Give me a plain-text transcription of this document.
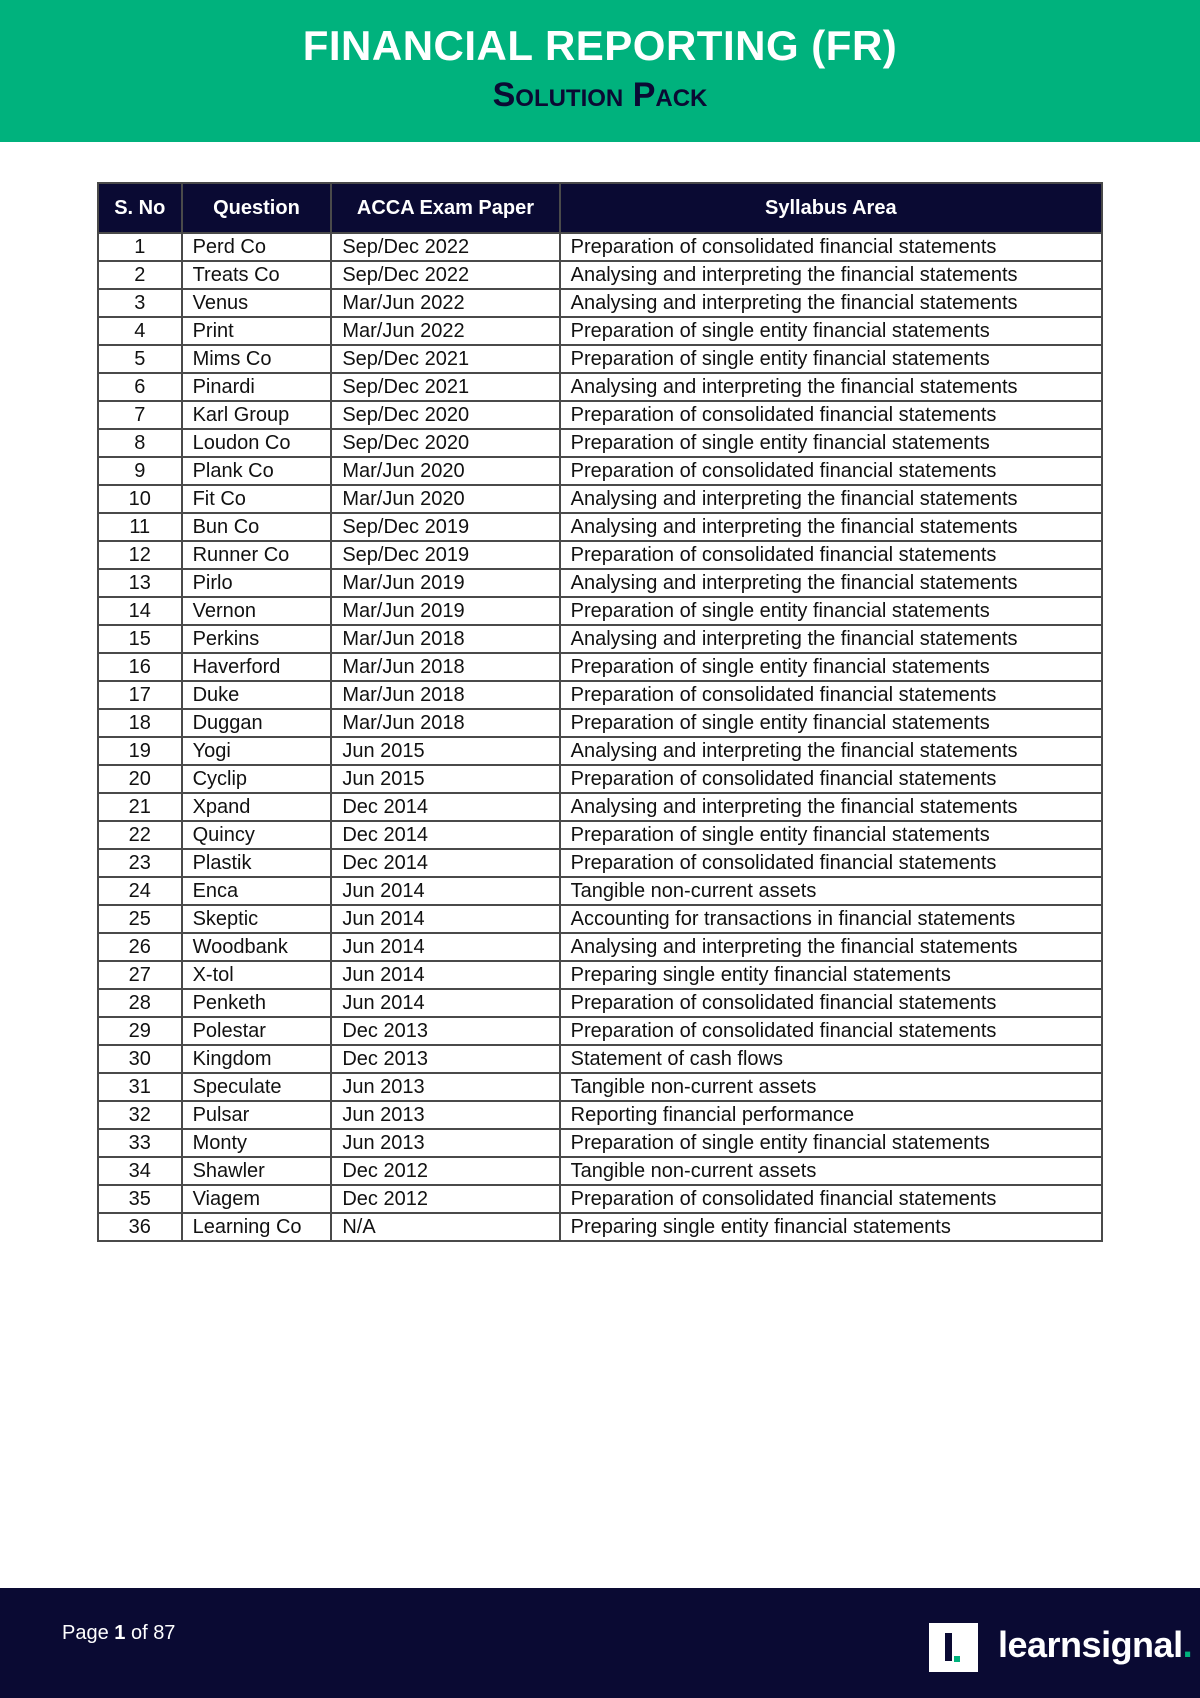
FINANCIAL REPORTING (FR)
Solution Pack
S. No	Question	ACCA Exam Paper	Syllabus Area
1	Perd Co	Sep/Dec 2022	Preparation of consolidated financial statements
2	Treats Co	Sep/Dec 2022	Analysing and interpreting the financial statements
3	Venus	Mar/Jun 2022	Analysing and interpreting the financial statements
4	Print	Mar/Jun 2022	Preparation of single entity financial statements
5	Mims Co	Sep/Dec 2021	Preparation of single entity financial statements
6	Pinardi	Sep/Dec 2021	Analysing and interpreting the financial statements
7	Karl Group	Sep/Dec 2020	Preparation of consolidated financial statements
8	Loudon Co	Sep/Dec 2020	Preparation of single entity financial statements
9	Plank Co	Mar/Jun 2020	Preparation of consolidated financial statements
10	Fit Co	Mar/Jun 2020	Analysing and interpreting the financial statements
11	Bun Co	Sep/Dec 2019	Analysing and interpreting the financial statements
12	Runner Co	Sep/Dec 2019	Preparation of consolidated financial statements
13	Pirlo	Mar/Jun 2019	Analysing and interpreting the financial statements
14	Vernon	Mar/Jun 2019	Preparation of single entity financial statements
15	Perkins	Mar/Jun 2018	Analysing and interpreting the financial statements
16	Haverford	Mar/Jun 2018	Preparation of single entity financial statements
17	Duke	Mar/Jun 2018	Preparation of consolidated financial statements
18	Duggan	Mar/Jun 2018	Preparation of single entity financial statements
19	Yogi	Jun 2015	Analysing and interpreting the financial statements
20	Cyclip	Jun 2015	Preparation of consolidated financial statements
21	Xpand	Dec 2014	Analysing and interpreting the financial statements
22	Quincy	Dec 2014	Preparation of single entity financial statements
23	Plastik	Dec 2014	Preparation of consolidated financial statements
24	Enca	Jun 2014	Tangible non-current assets
25	Skeptic	Jun 2014	Accounting for transactions in financial statements
26	Woodbank	Jun 2014	Analysing and interpreting the financial statements
27	X-tol	Jun 2014	Preparing single entity financial statements
28	Penketh	Jun 2014	Preparation of consolidated financial statements
29	Polestar	Dec 2013	Preparation of consolidated financial statements
30	Kingdom	Dec 2013	Statement of cash flows
31	Speculate	Jun 2013	Tangible non-current assets
32	Pulsar	Jun 2013	Reporting financial performance
33	Monty	Jun 2013	Preparation of single entity financial statements
34	Shawler	Dec 2012	Tangible non-current assets
35	Viagem	Dec 2012	Preparation of consolidated financial statements
36	Learning Co	N/A	Preparing single entity financial statements
Page 1 of 87	learnsignal.
